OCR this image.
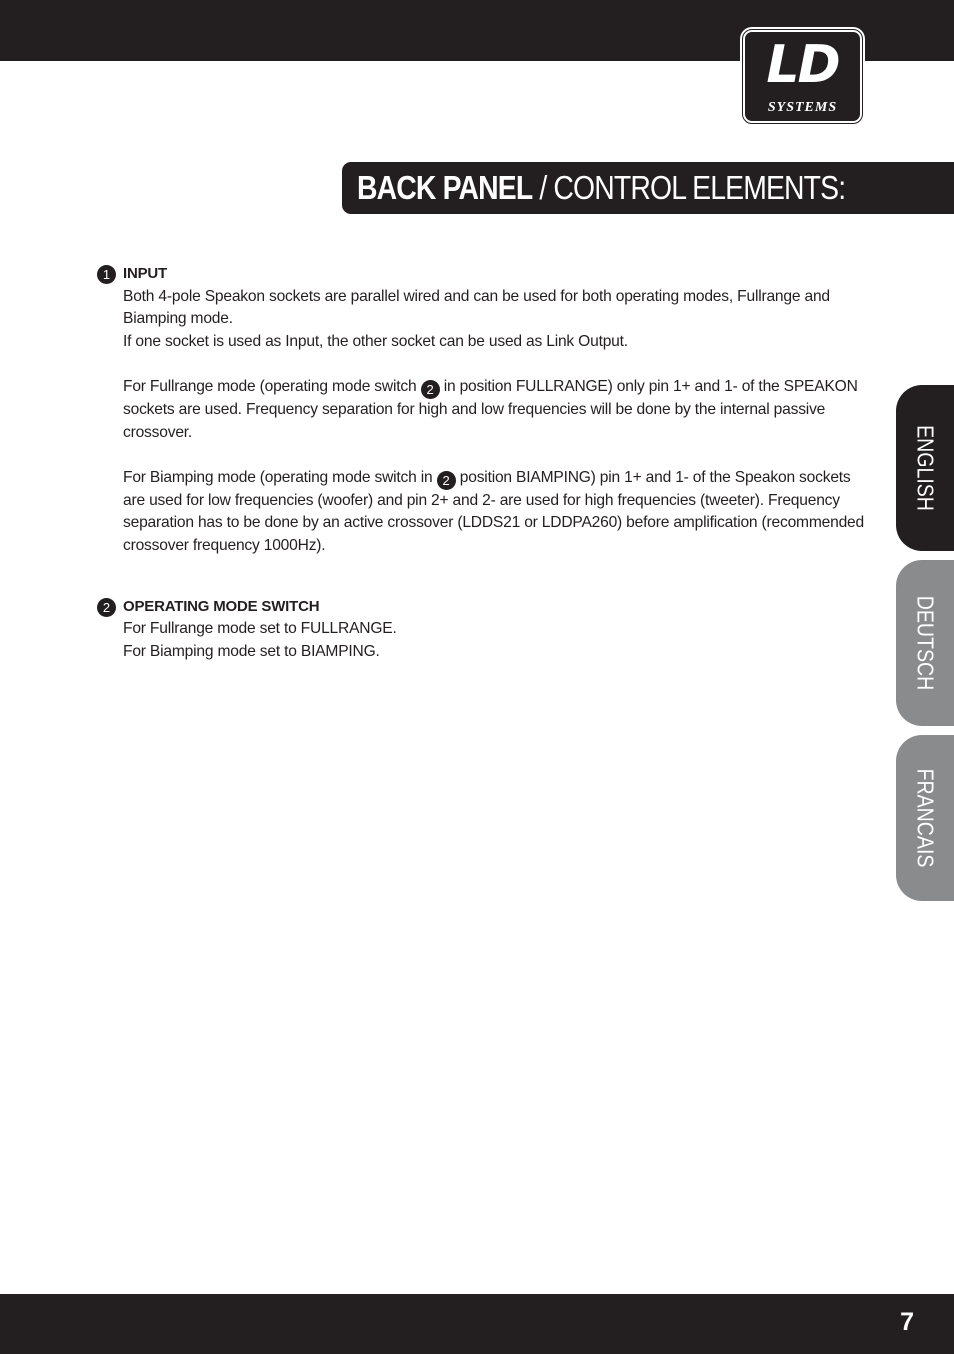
LD
SYSTEMS
BACK PANEL / CONTROL ELEMENTS:
ENGLISH
DEUTSCH
FRANCAIS
1 INPUT

Both 4-pole Speakon sockets are parallel wired and can be used for both operating modes, Fullrange and Biamping mode.

If one socket is used as Input, the other socket can be used as Link Output.

For Fullrange mode (operating mode switch 2 in position FULLRANGE) only pin 1+ and 1- of the SPEAKON sockets are used. Frequency separation for high and low frequencies will be done by the internal passive crossover.

For Biamping mode (operating mode switch in 2 position BIAMPING) pin 1+ and 1- of the Speakon sockets are used for low frequencies (woofer) and pin 2+ and 2- are used for high frequencies (tweeter). Frequency separation has to be done by an active crossover (LDDS21 or LDDPA260) before amplification (recommended crossover frequency 1000Hz).

2 OPERATING MODE SWITCH

For Fullrange mode set to FULLRANGE.

For Biamping mode set to BIAMPING.

7
